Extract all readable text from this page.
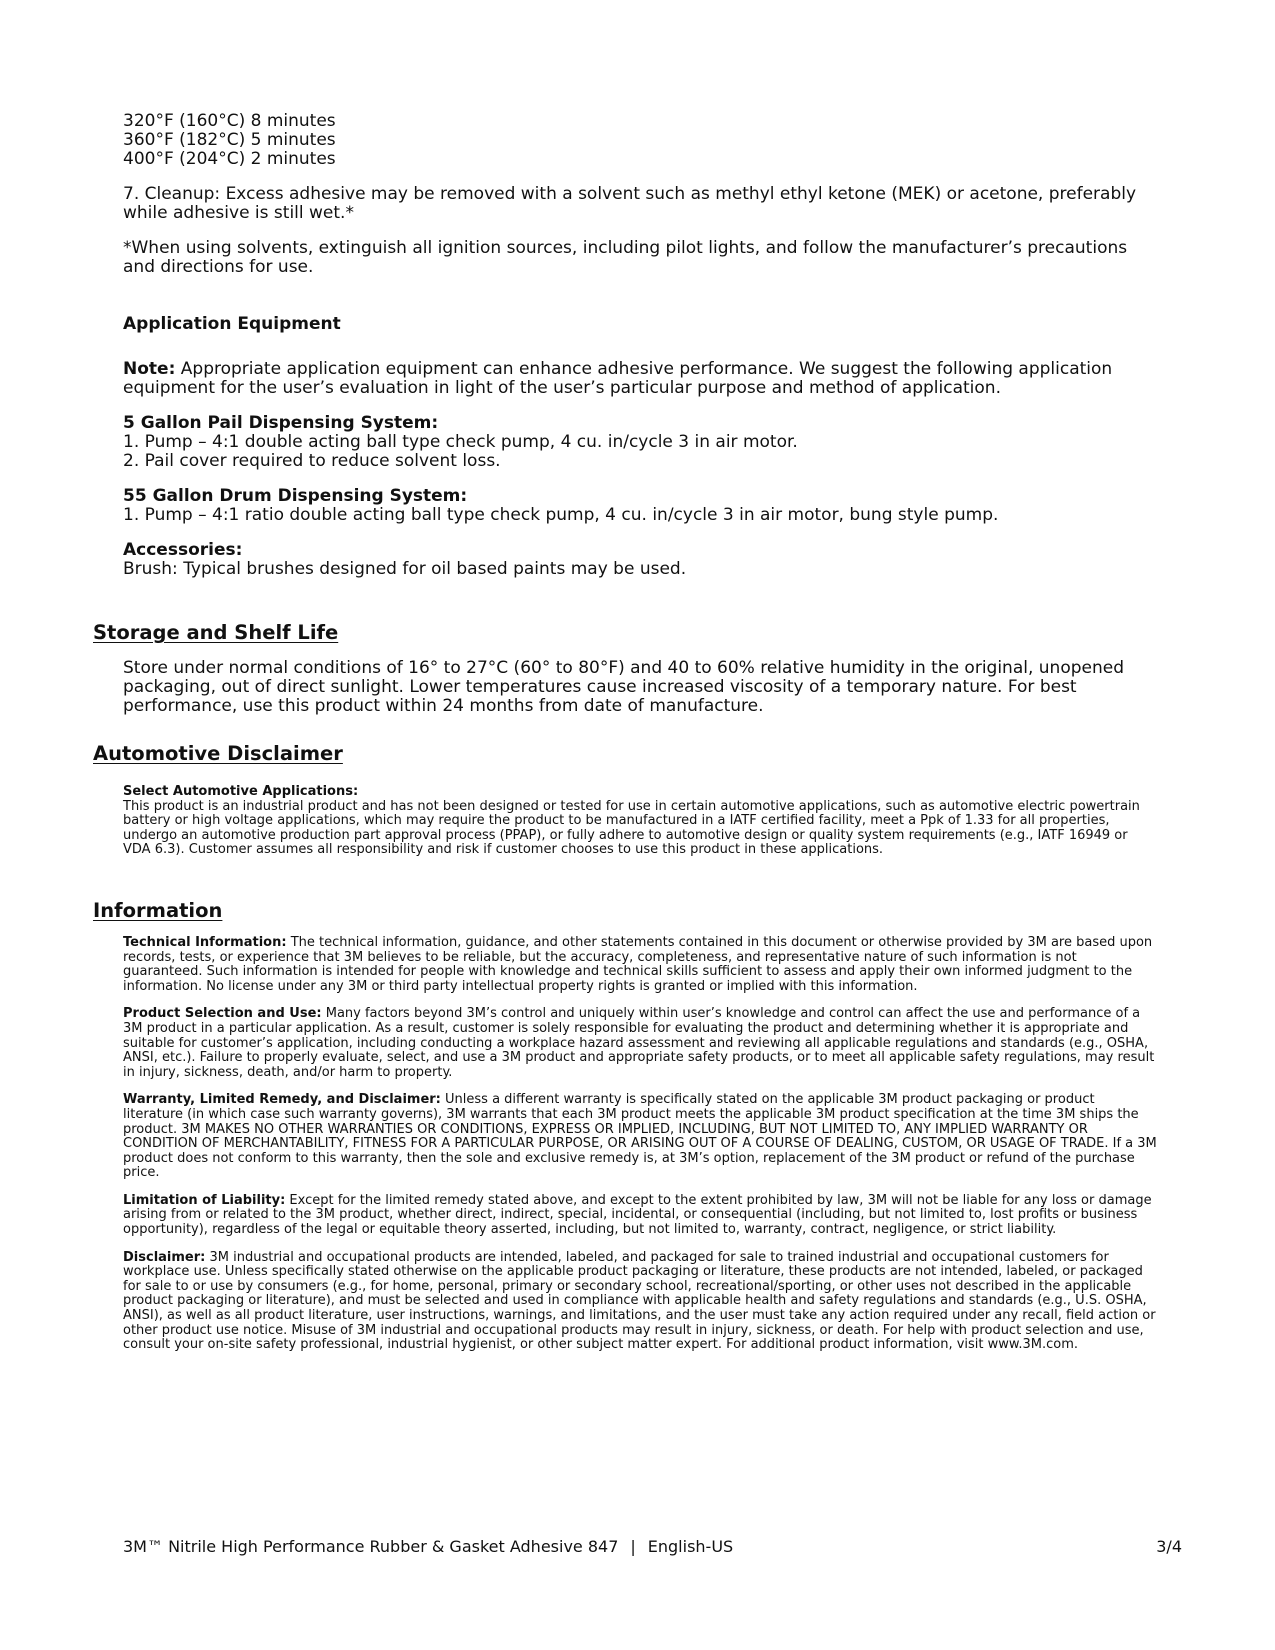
320°F (160°C) 8 minutes
360°F (182°C) 5 minutes
400°F (204°C) 2 minutes

7. Cleanup: Excess adhesive may be removed with a solvent such as methyl ethyl ketone (MEK) or acetone, preferably while adhesive is still wet.*

*When using solvents, extinguish all ignition sources, including pilot lights, and follow the manufacturer’s precautions and directions for use.

Application Equipment

Note: Appropriate application equipment can enhance adhesive performance. We suggest the following application equipment for the user’s evaluation in light of the user’s particular purpose and method of application.

5 Gallon Pail Dispensing System:
1. Pump – 4:1 double acting ball type check pump, 4 cu. in/cycle 3 in air motor.
2. Pail cover required to reduce solvent loss.
55 Gallon Drum Dispensing System:
1. Pump – 4:1 ratio double acting ball type check pump, 4 cu. in/cycle 3 in air motor, bung style pump.
Accessories:
Brush: Typical brushes designed for oil based paints may be used.
Storage and Shelf Life

Store under normal conditions of 16° to 27°C (60° to 80°F) and 40 to 60% relative humidity in the original, unopened packaging, out of direct sunlight. Lower temperatures cause increased viscosity of a temporary nature. For best performance, use this product within 24 months from date of manufacture.

Automotive Disclaimer
Select Automotive Applications:
This product is an industrial product and has not been designed or tested for use in certain automotive applications, such as automotive electric powertrain battery or high voltage applications, which may require the product to be manufactured in a IATF certified facility, meet a Ppk of 1.33 for all properties, undergo an automotive production part approval process (PPAP), or fully adhere to automotive design or quality system requirements (e.g., IATF 16949 or VDA 6.3). Customer assumes all responsibility and risk if customer chooses to use this product in these applications.
Information

Technical Information: The technical information, guidance, and other statements contained in this document or otherwise provided by 3M are based upon records, tests, or experience that 3M believes to be reliable, but the accuracy, completeness, and representative nature of such information is not guaranteed. Such information is intended for people with knowledge and technical skills sufficient to assess and apply their own informed judgment to the information. No license under any 3M or third party intellectual property rights is granted or implied with this information.

Product Selection and Use: Many factors beyond 3M’s control and uniquely within user’s knowledge and control can affect the use and performance of a 3M product in a particular application. As a result, customer is solely responsible for evaluating the product and determining whether it is appropriate and suitable for customer’s application, including conducting a workplace hazard assessment and reviewing all applicable regulations and standards (e.g., OSHA, ANSI, etc.). Failure to properly evaluate, select, and use a 3M product and appropriate safety products, or to meet all applicable safety regulations, may result in injury, sickness, death, and/or harm to property.

Warranty, Limited Remedy, and Disclaimer: Unless a different warranty is specifically stated on the applicable 3M product packaging or product literature (in which case such warranty governs), 3M warrants that each 3M product meets the applicable 3M product specification at the time 3M ships the product. 3M MAKES NO OTHER WARRANTIES OR CONDITIONS, EXPRESS OR IMPLIED, INCLUDING, BUT NOT LIMITED TO, ANY IMPLIED WARRANTY OR CONDITION OF MERCHANTABILITY, FITNESS FOR A PARTICULAR PURPOSE, OR ARISING OUT OF A COURSE OF DEALING, CUSTOM, OR USAGE OF TRADE. If a 3M product does not conform to this warranty, then the sole and exclusive remedy is, at 3M’s option, replacement of the 3M product or refund of the purchase price.

Limitation of Liability: Except for the limited remedy stated above, and except to the extent prohibited by law, 3M will not be liable for any loss or damage arising from or related to the 3M product, whether direct, indirect, special, incidental, or consequential (including, but not limited to, lost profits or business opportunity), regardless of the legal or equitable theory asserted, including, but not limited to, warranty, contract, negligence, or strict liability.

Disclaimer: 3M industrial and occupational products are intended, labeled, and packaged for sale to trained industrial and occupational customers for workplace use. Unless specifically stated otherwise on the applicable product packaging or literature, these products are not intended, labeled, or packaged for sale to or use by consumers (e.g., for home, personal, primary or secondary school, recreational/sporting, or other uses not described in the applicable product packaging or literature), and must be selected and used in compliance with applicable health and safety regulations and standards (e.g., U.S. OSHA, ANSI), as well as all product literature, user instructions, warnings, and limitations, and the user must take any action required under any recall, field action or other product use notice. Misuse of 3M industrial and occupational products may result in injury, sickness, or death. For help with product selection and use, consult your on-site safety professional, industrial hygienist, or other subject matter expert. For additional product information, visit www.3M.com.

3M™ Nitrile High Performance Rubber & Gasket Adhesive 847 | English-US	3/4
